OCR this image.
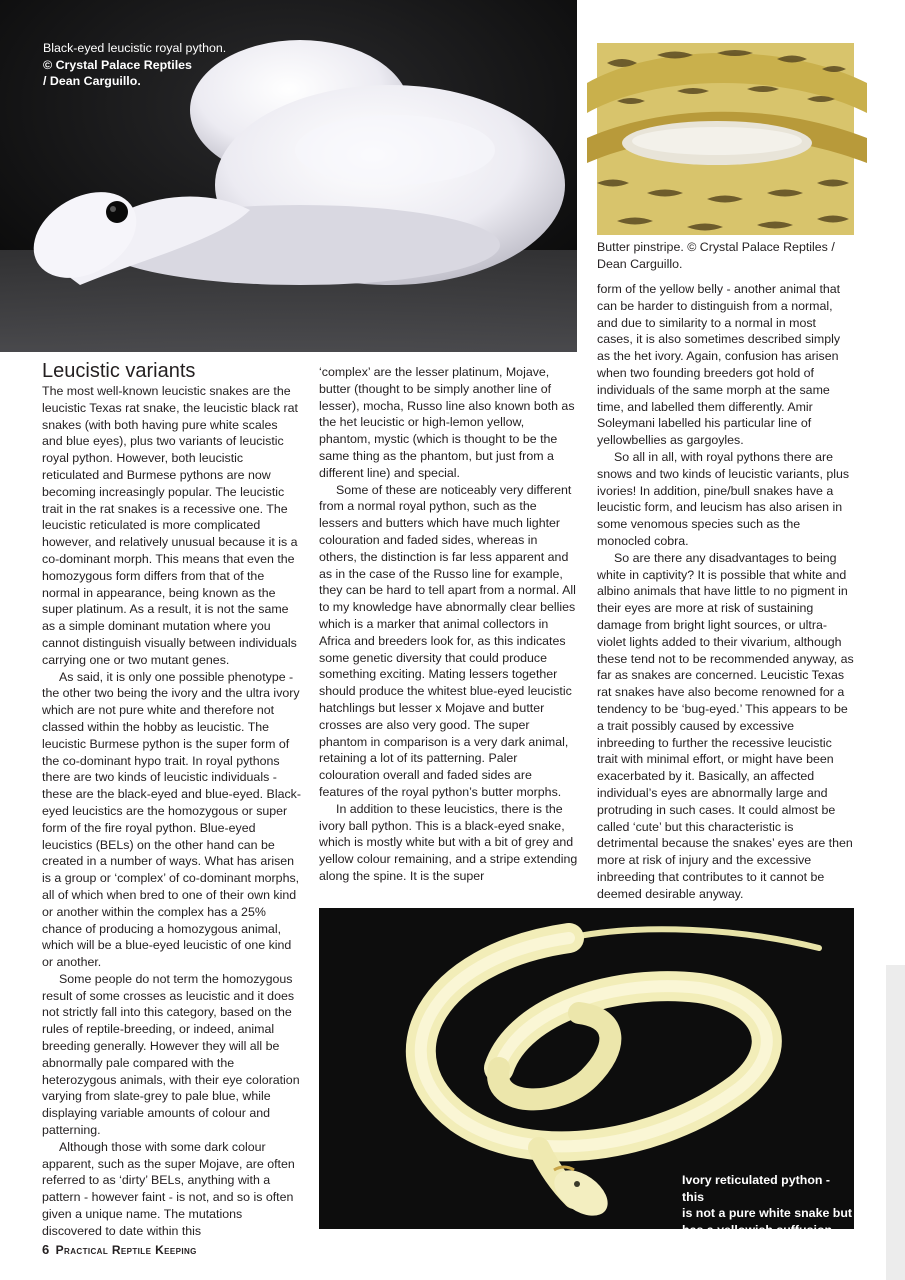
Black-eyed leucistic royal python.
© Crystal Palace Reptiles
/ Dean Carguillo.
Butter pinstripe. © Crystal Palace Reptiles /
Dean Carguillo.
Leucistic variants

The most well-known leucistic snakes are the leucistic Texas rat snake, the leucistic black rat snakes (with both having pure white scales and blue eyes), plus two variants of leucistic royal python. However, both leucistic reticulated and Burmese pythons are now becoming increasingly popular. The leucistic trait in the rat snakes is a recessive one. The leucistic reticulated is more complicated however, and relatively unusual because it is a co-dominant morph. This means that even the homozygous form differs from that of the normal in appearance, being known as the super platinum. As a result, it is not the same as a simple dominant mutation where you cannot distinguish visually between individuals carrying one or two mutant genes.

As said, it is only one possible phenotype - the other two being the ivory and the ultra ivory which are not pure white and therefore not classed within the hobby as leucistic. The leucistic Burmese python is the super form of the co-dominant hypo trait. In royal pythons there are two kinds of leucistic individuals - these are the black-eyed and blue-eyed. Black- eyed leucistics are the homozygous or super form of the fire royal python. Blue-eyed leucistics (BELs) on the other hand can be created in a number of ways. What has arisen is a group or ‘complex’ of co-dominant morphs, all of which when bred to one of their own kind or another within the complex has a 25% chance of producing a homozygous animal, which will be a blue-eyed leucistic of one kind or another.

Some people do not term the homozygous result of some crosses as leucistic and it does not strictly fall into this category, based on the rules of reptile-breeding, or indeed, animal breeding generally. However they will all be abnormally pale compared with the heterozygous animals, with their eye coloration varying from slate-grey to pale blue, while displaying variable amounts of colour and patterning.

Although those with some dark colour apparent, such as the super Mojave, are often referred to as ‘dirty’ BELs, anything with a pattern - however faint - is not, and so is often given a unique name. The mutations discovered to date within this

‘complex’ are the lesser platinum, Mojave, butter (thought to be simply another line of lesser), mocha, Russo line also known both as the het leucistic or high-lemon yellow, phantom, mystic (which is thought to be the same thing as the phantom, but just from a different line) and special.

Some of these are noticeably very different from a normal royal python, such as the lessers and butters which have much lighter colouration and faded sides, whereas in others, the distinction is far less apparent and as in the case of the Russo line for example, they can be hard to tell apart from a normal. All to my knowledge have abnormally clear bellies which is a marker that animal collectors in Africa and breeders look for, as this indicates some genetic diversity that could produce something exciting. Mating lessers together should produce the whitest blue-eyed leucistic hatchlings but lesser x Mojave and butter crosses are also very good. The super phantom in comparison is a very dark animal, retaining a lot of its patterning. Paler colouration overall and faded sides are features of the royal python’s butter morphs.

In addition to these leucistics, there is the ivory ball python. This is a black-eyed snake, which is mostly white but with a bit of grey and yellow colour remaining, and a stripe extending along the spine. It is the super

form of the yellow belly - another animal that can be harder to distinguish from a normal, and due to similarity to a normal in most cases, it is also sometimes described simply as the het ivory. Again, confusion has arisen when two founding breeders got hold of individuals of the same morph at the same time, and labelled them differently. Amir Soleymani labelled his particular line of yellowbellies as gargoyles.

So all in all, with royal pythons there are snows and two kinds of leucistic variants, plus ivories! In addition, pine/bull snakes have a leucistic form, and leucism has also arisen in some venomous species such as the monocled cobra.

So are there any disadvantages to being white in captivity? It is possible that white and albino animals that have little to no pigment in their eyes are more at risk of sustaining damage from bright light sources, or ultra-violet lights added to their vivarium, although these tend not to be recommended anyway, as far as snakes are concerned. Leucistic Texas rat snakes have also become renowned for a tendency to be ‘bug-eyed.’ This appears to be a trait possibly caused by excessive inbreeding to further the recessive leucistic trait with minimal effort, or might have been exacerbated by it. Basically, an affected individual’s eyes are abnormally large and protruding in such cases. It could almost be called ‘cute’ but this characteristic is detrimental because the snakes’ eyes are then more at risk of injury and the excessive inbreeding that contributes to it cannot be deemed desirable anyway.

Ivory reticulated python - this
is not a pure white snake but
has a yellowish suffusion.
6 Practical Reptile Keeping
